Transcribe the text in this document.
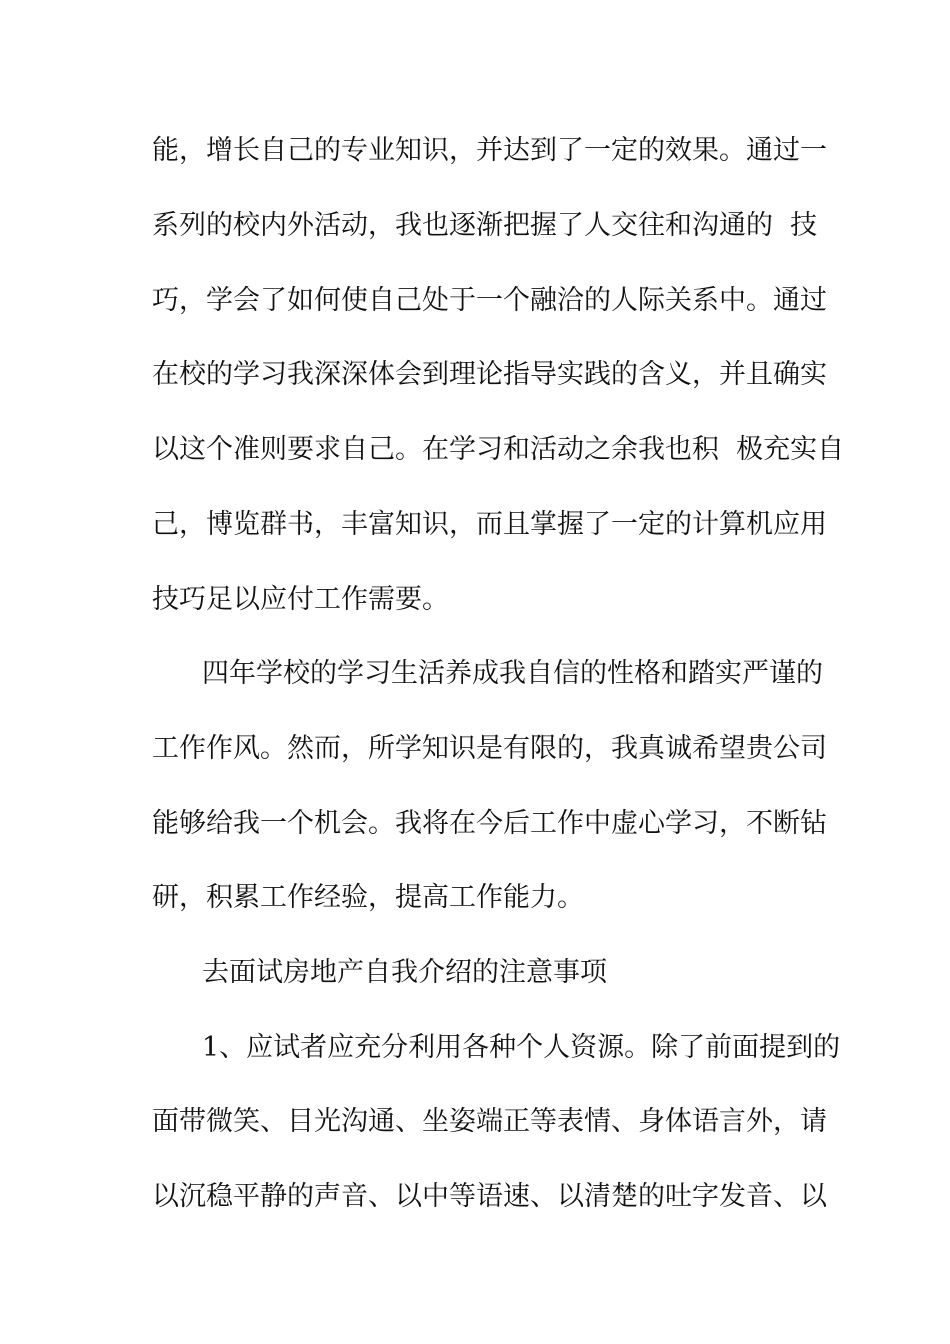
能，增长自己的专业知识，并达到了一定的效果。通过一
系列的校内外活动，我也逐渐把握了人交往和沟通的  技
巧，学会了如何使自己处于一个融洽的人际关系中。通过
在校的学习我深深体会到理论指导实践的含义，并且确实
以这个准则要求自己。在学习和活动之余我也积  极充实自
己，博览群书，丰富知识，而且掌握了一定的计算机应用
技巧足以应付工作需要。
四年学校的学习生活养成我自信的性格和踏实严谨的
工作作风。然而，所学知识是有限的，我真诚希望贵公司
能够给我一个机会。我将在今后工作中虚心学习，不断钻
研，积累工作经验，提高工作能力。
去面试房地产自我介绍的注意事项
1、应试者应充分利用各种个人资源。除了前面提到的
面带微笑、目光沟通、坐姿端正等表情、身体语言外，请
以沉稳平静的声音、以中等语速、以清楚的吐字发音、以
